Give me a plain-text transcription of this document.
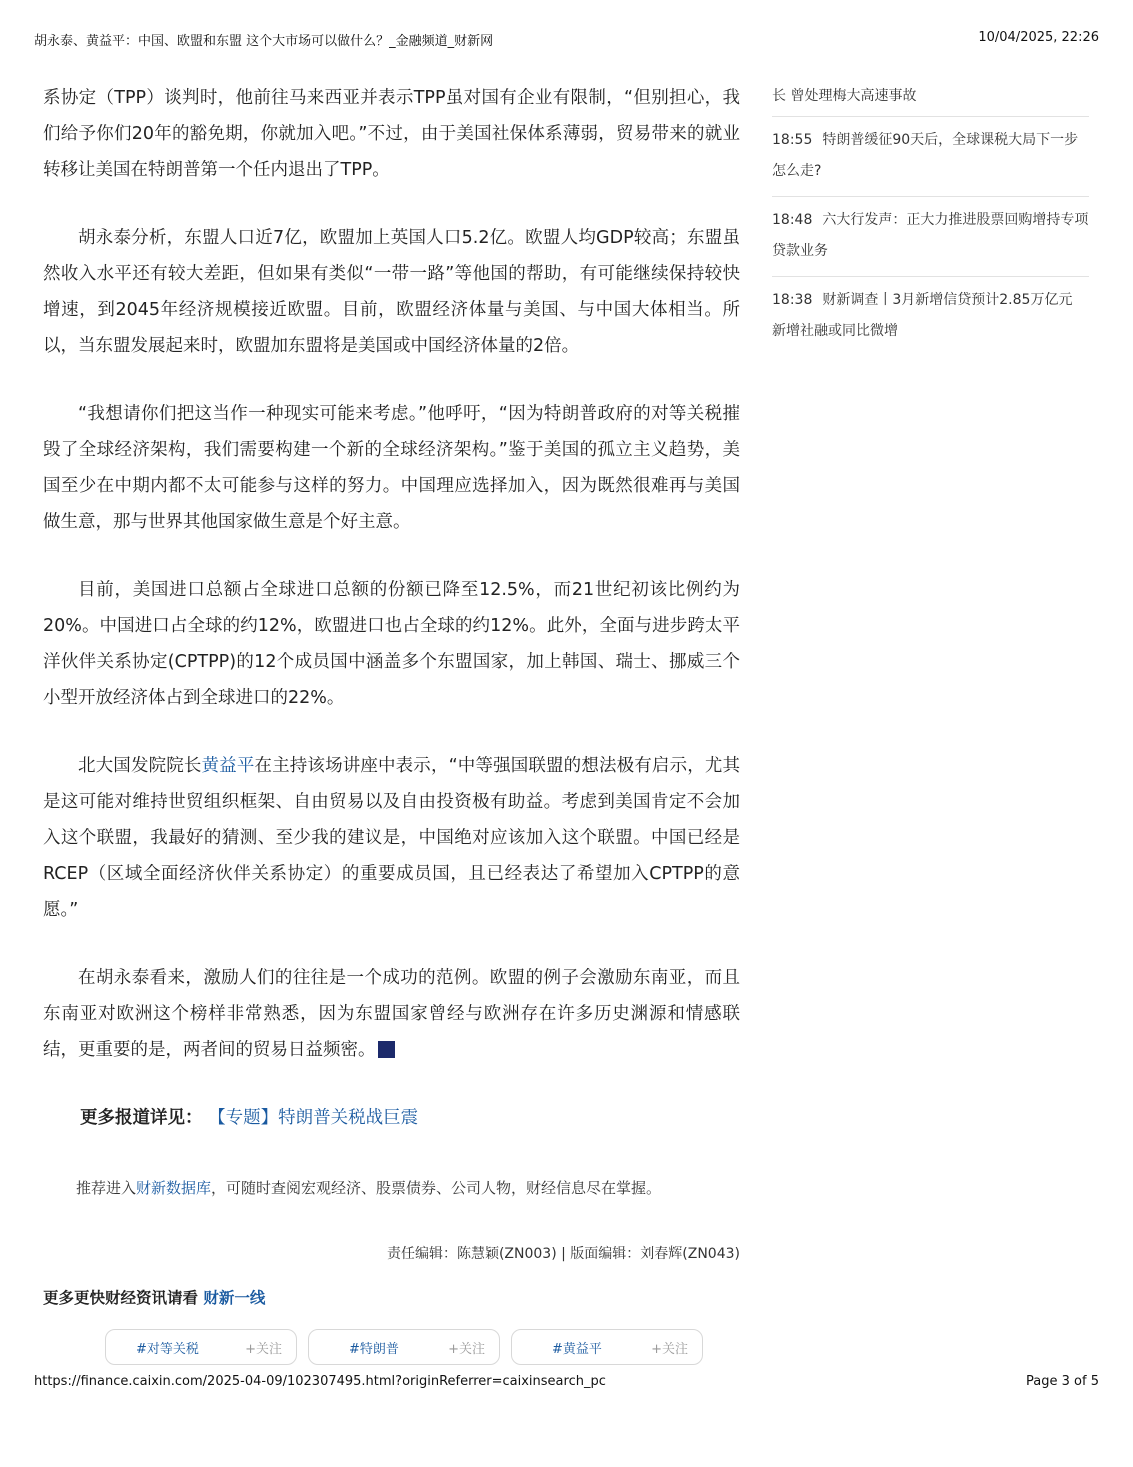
胡永泰、黄益平：中国、欧盟和东盟 这个大市场可以做什么？_金融频道_财新网	10/04/2025, 22:26

系协定（TPP）谈判时，他前往马来西亚并表示TPP虽对国有企业有限制，“但别担心，我们给予你们20年的豁免期，你就加入吧。”不过，由于美国社保体系薄弱，贸易带来的就业转移让美国在特朗普第一个任内退出了TPP。

胡永泰分析，东盟人口近7亿，欧盟加上英国人口5.2亿。欧盟人均GDP较高；东盟虽然收入水平还有较大差距，但如果有类似“一带一路”等他国的帮助，有可能继续保持较快增速，到2045年经济规模接近欧盟。目前，欧盟经济体量与美国、与中国大体相当。所以，当东盟发展起来时，欧盟加东盟将是美国或中国经济体量的2倍。

“我想请你们把这当作一种现实可能来考虑。”他呼吁，“因为特朗普政府的对等关税摧毁了全球经济架构，我们需要构建一个新的全球经济架构。”鉴于美国的孤立主义趋势，美国至少在中期内都不太可能参与这样的努力。中国理应选择加入，因为既然很难再与美国做生意，那与世界其他国家做生意是个好主意。

目前，美国进口总额占全球进口总额的份额已降至12.5%，而21世纪初该比例约为20%。中国进口占全球的约12%，欧盟进口也占全球的约12%。此外，全面与进步跨太平洋伙伴关系协定(CPTPP)的12个成员国中涵盖多个东盟国家，加上韩国、瑞士、挪威三个小型开放经济体占到全球进口的22%。

北大国发院院长黄益平在主持该场讲座中表示，“中等强国联盟的想法极有启示，尤其是这可能对维持世贸组织框架、自由贸易以及自由投资极有助益。考虑到美国肯定不会加入这个联盟，我最好的猜测、至少我的建议是，中国绝对应该加入这个联盟。中国已经是RCEP（区域全面经济伙伴关系协定）的重要成员国，且已经表达了希望加入CPTPP的意愿。”

在胡永泰看来，激励人们的往往是一个成功的范例。欧盟的例子会激励东南亚，而且东南亚对欧洲这个榜样非常熟悉，因为东盟国家曾经与欧洲存在许多历史渊源和情感联结，更重要的是，两者间的贸易日益频密。	财

更多报道详见： 【专题】特朗普关税战巨震
推荐进入财新数据库，可随时查阅宏观经济、股票债券、公司人物，财经信息尽在掌握。
责任编辑：陈慧颖(ZN003) | 版面编辑：刘春辉(ZN043)
更多更快财经资讯请看 财新一线
#对等关税	+关注	#特朗普	+关注	#黄益平	+关注
长 曾处理梅大高速事故
18:55 特朗普缓征90天后，全球课税大局下一步怎么走?
18:48 六大行发声：正大力推进股票回购增持专项贷款业务
18:38 财新调查丨3月新增信贷预计2.85万亿元 新增社融或同比微增
https://finance.caixin.com/2025-04-09/102307495.html?originReferrer=caixinsearch_pc	Page 3 of 5
